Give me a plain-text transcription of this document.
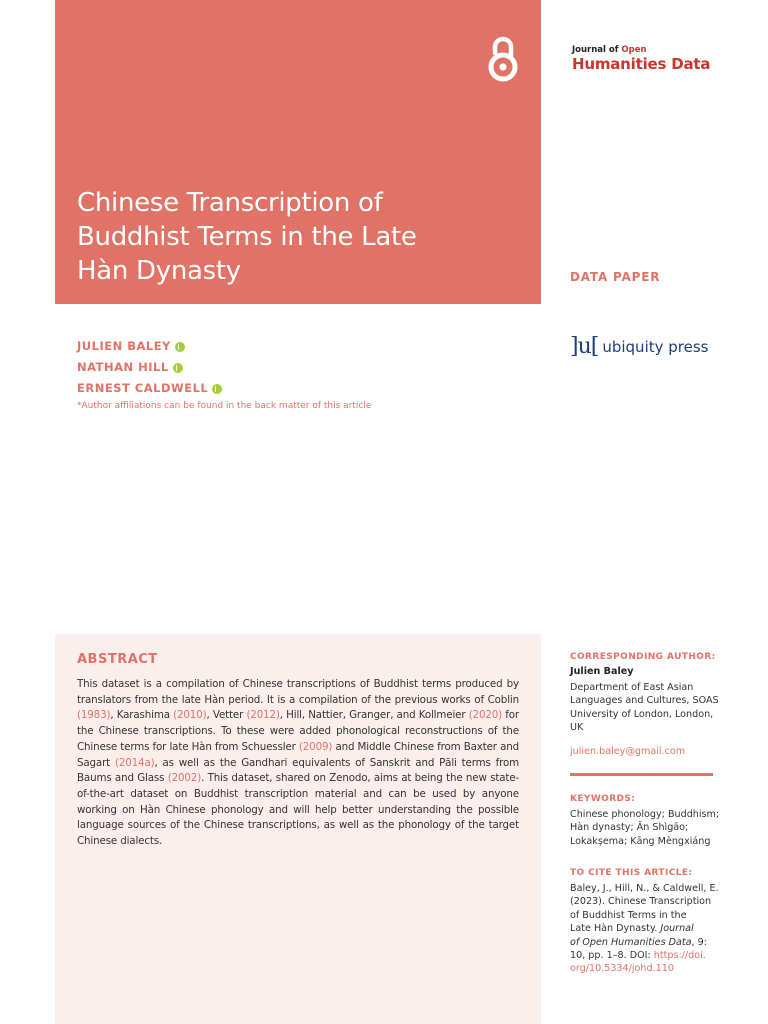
Chinese Transcription of
Buddhist Terms in the Late
Hàn Dynasty
Journal of Open
Humanities Data
DATA PAPER
JULIEN BALEY
NATHAN HILL
ERNEST CALDWELL
*Author affiliations can be found in the back matter of this article
]u[ ubiquity press
ABSTRACT

This dataset is a compilation of Chinese transcriptions of Buddhist terms produced by translators from the late Hàn period. It is a compilation of the previous works of Coblin (1983), Karashima (2010), Vetter (2012), Hill, Nattier, Granger, and Kollmeier (2020) for the Chinese transcriptions. To these were added phonological reconstructions of the Chinese terms for late Hàn from Schuessler (2009) and Middle Chinese from Baxter and Sagart (2014a), as well as the Gandhari equivalents of Sanskrit and Pāli terms from Baums and Glass (2002). This dataset, shared on Zenodo, aims at being the new state-of-the-art dataset on Buddhist transcription material and can be used by anyone working on Hàn Chinese phonology and will help better understanding the possible language sources of the Chinese transcriptions, as well as the phonology of the target Chinese dialects.

CORRESPONDING AUTHOR:

Julien Baley

Department of East Asian
Languages and Cultures, SOAS
University of London, London,
UK

julien.baley@gmail.com

KEYWORDS:

Chinese phonology; Buddhism;
Hàn dynasty; Ān Shìgāo;
Lokakṣema; Kāng Mèngxiáng

TO CITE THIS ARTICLE:

Baley, J., Hill, N., & Caldwell, E.
(2023). Chinese Transcription
of Buddhist Terms in the
Late Hàn Dynasty. Journal
of Open Humanities Data, 9:
10, pp. 1–8. DOI: https://doi.
org/10.5334/johd.110
